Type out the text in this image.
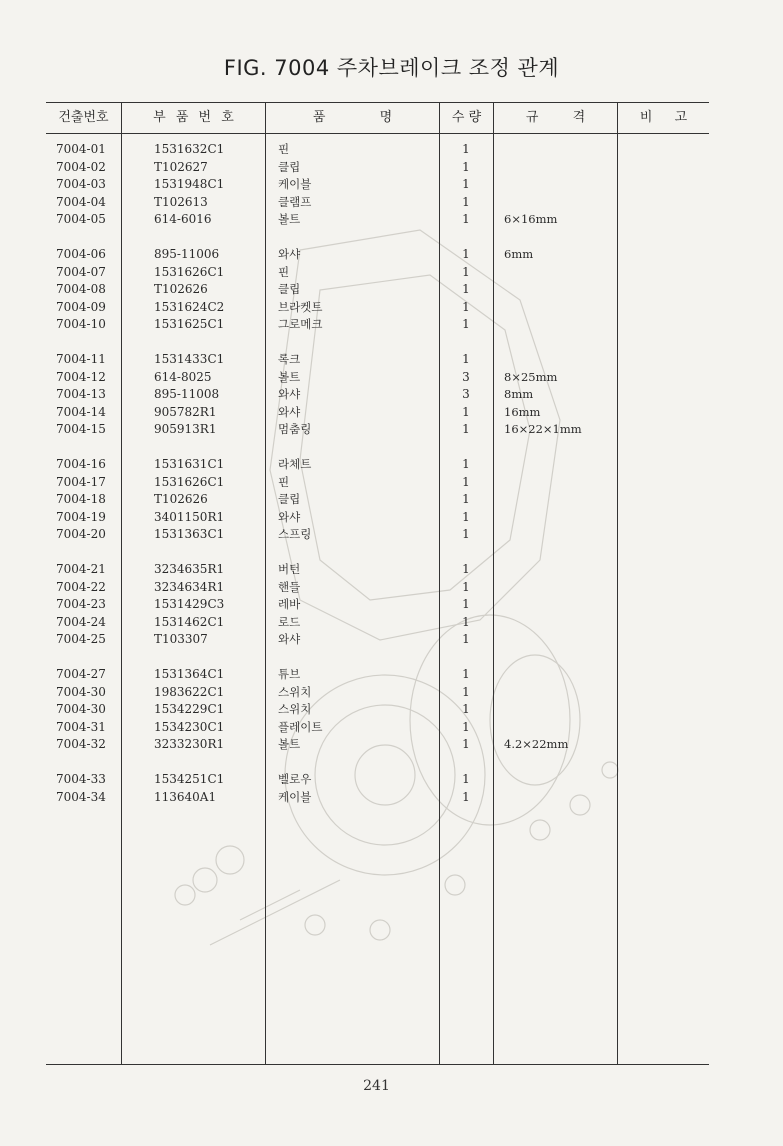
FIG. 7004 주차브레이크 조정 관계
건출번호	부 품 번 호	품 명	수 량	규 격	비 고
7004-01	1531632C1	핀	1
7004-02	T102627	클립	1
7004-03	1531948C1	케이블	1
7004-04	T102613	클램프	1
7004-05	614-6016	볼트	1	6×16mm
7004-06	895-11006	와샤	1	6mm
7004-07	1531626C1	핀	1
7004-08	T102626	클립	1
7004-09	1531624C2	브라켓트	1
7004-10	1531625C1	그로메크	1
7004-11	1531433C1	록크	1
7004-12	614-8025	볼트	3	8×25mm
7004-13	895-11008	와샤	3	8mm
7004-14	905782R1	와샤	1	16mm
7004-15	905913R1	멈춤링	1	16×22×1mm
7004-16	1531631C1	라체트	1
7004-17	1531626C1	핀	1
7004-18	T102626	클립	1
7004-19	3401150R1	와샤	1
7004-20	1531363C1	스프링	1
7004-21	3234635R1	버턴	1
7004-22	3234634R1	핸들	1
7004-23	1531429C3	레바	1
7004-24	1531462C1	로드	1
7004-25	T103307	와샤	1
7004-27	1531364C1	튜브	1
7004-30	1983622C1	스위치	1
7004-30	1534229C1	스위치	1
7004-31	1534230C1	플레이트	1
7004-32	3233230R1	볼트	1	4.2×22mm
7004-33	1534251C1	벨로우	1
7004-34	113640A1	케이블	1
241
